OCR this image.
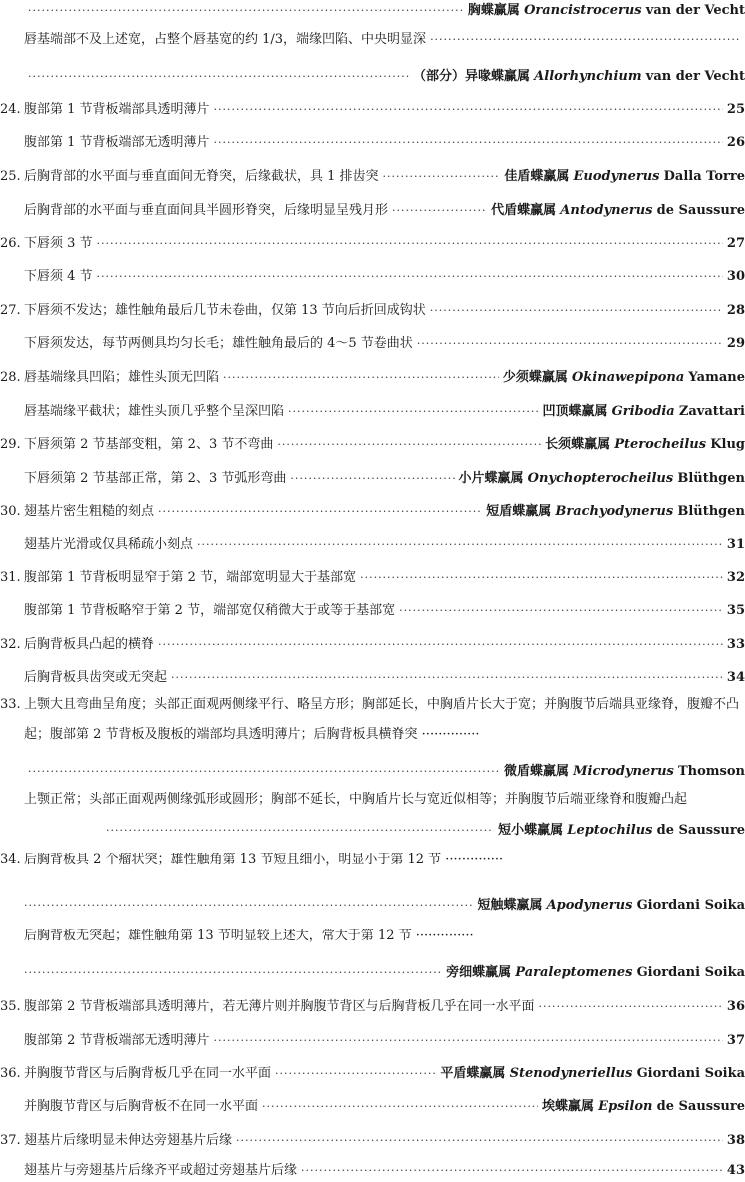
·····
胸蝶赢属 Orancistrocerus van der Vecht
唇基端部不及上述宽，占整个唇基宽的约 1/3，端缘凹陷、中央明显深
·····
·····
（部分）异喙蝶赢属 Allorhynchium van der Vecht
24. 腹部第 1 节背板端部具透明薄片 ·····	25
腹部第 1 节背板端部无透明薄片 ·····	26
25. 后胸背部的水平面与垂直面间无脊突，后缘截状，具 1 排齿突 ·····	佳盾蝶赢属 Euodynerus Dalla Torre
后胸背部的水平面与垂直面间具半圆形脊突，后缘明显呈残月形 ·····	代盾蝶赢属 Antodynerus de Saussure
26. 下唇须 3 节 ·····	27
下唇须 4 节 ·····	30
27. 下唇须不发达；雄性触角最后几节未卷曲，仅第 13 节向后折回成钩状 ·····	28
下唇须发达，每节两侧具均匀长毛；雄性触角最后的 4～5 节卷曲状 ·····	29
28. 唇基端缘具凹陷；雄性头顶无凹陷 ·····	少须蝶赢属 Okinawepipona Yamane
唇基端缘平截状；雄性头顶几乎整个呈深凹陷 ·····	凹顶蝶赢属 Gribodia Zavattari
29. 下唇须第 2 节基部变粗，第 2、3 节不弯曲 ·····	长须蝶赢属 Pterocheilus Klug
下唇须第 2 节基部正常，第 2、3 节弧形弯曲 ·····	小片蝶赢属 Onychopterocheilus Blüthgen
30. 翅基片密生粗糙的刻点 ·····	短盾蝶赢属 Brachyodynerus Blüthgen
翅基片光滑或仅具稀疏小刻点 ·····	31
31. 腹部第 1 节背板明显窄于第 2 节，端部宽明显大于基部宽 ·····	32
腹部第 1 节背板略窄于第 2 节，端部宽仅稍微大于或等于基部宽 ·····	35
32. 后胸背板具凸起的横脊 ·····	33
后胸背板具齿突或无突起 ·····	34
33. 上颚大且弯曲呈角度；头部正面观两侧缘平行、略呈方形；胸部延长，中胸盾片长大于宽；并胸腹节后端具亚缘脊，腹瓣不凸起；腹部第 2 节背板及腹板的端部均具透明薄片；后胸背板具横脊突 ··············
·····
微盾蝶赢属 Microdynerus Thomson
上颚正常；头部正面观两侧缘弧形或圆形；胸部不延长，中胸盾片长与宽近似相等；并胸腹节后端亚缘脊和腹瓣凸起
·····
短小蝶赢属 Leptochilus de Saussure
34. 后胸背板具 2 个瘤状突；雄性触角第 13 节短且细小，明显小于第 12 节 ··············
·····
短触蝶赢属 Apodynerus Giordani Soika
后胸背板无突起；雄性触角第 13 节明显较上述大，常大于第 12 节 ··············
·····
旁细蝶赢属 Paraleptomenes Giordani Soika
35. 腹部第 2 节背板端部具透明薄片，若无薄片则并胸腹节背区与后胸背板几乎在同一水平面 ·····	36
腹部第 2 节背板端部无透明薄片 ·····	37
36. 并胸腹节背区与后胸背板几乎在同一水平面 ·····	平盾蝶赢属 Stenodyneriellus Giordani Soika
并胸腹节背区与后胸背板不在同一水平面 ·····	埃蝶赢属 Epsilon de Saussure
37. 翅基片后缘明显未伸达旁翅基片后缘 ·····	38
翅基片与旁翅基片后缘齐平或超过旁翅基片后缘 ·····	43
